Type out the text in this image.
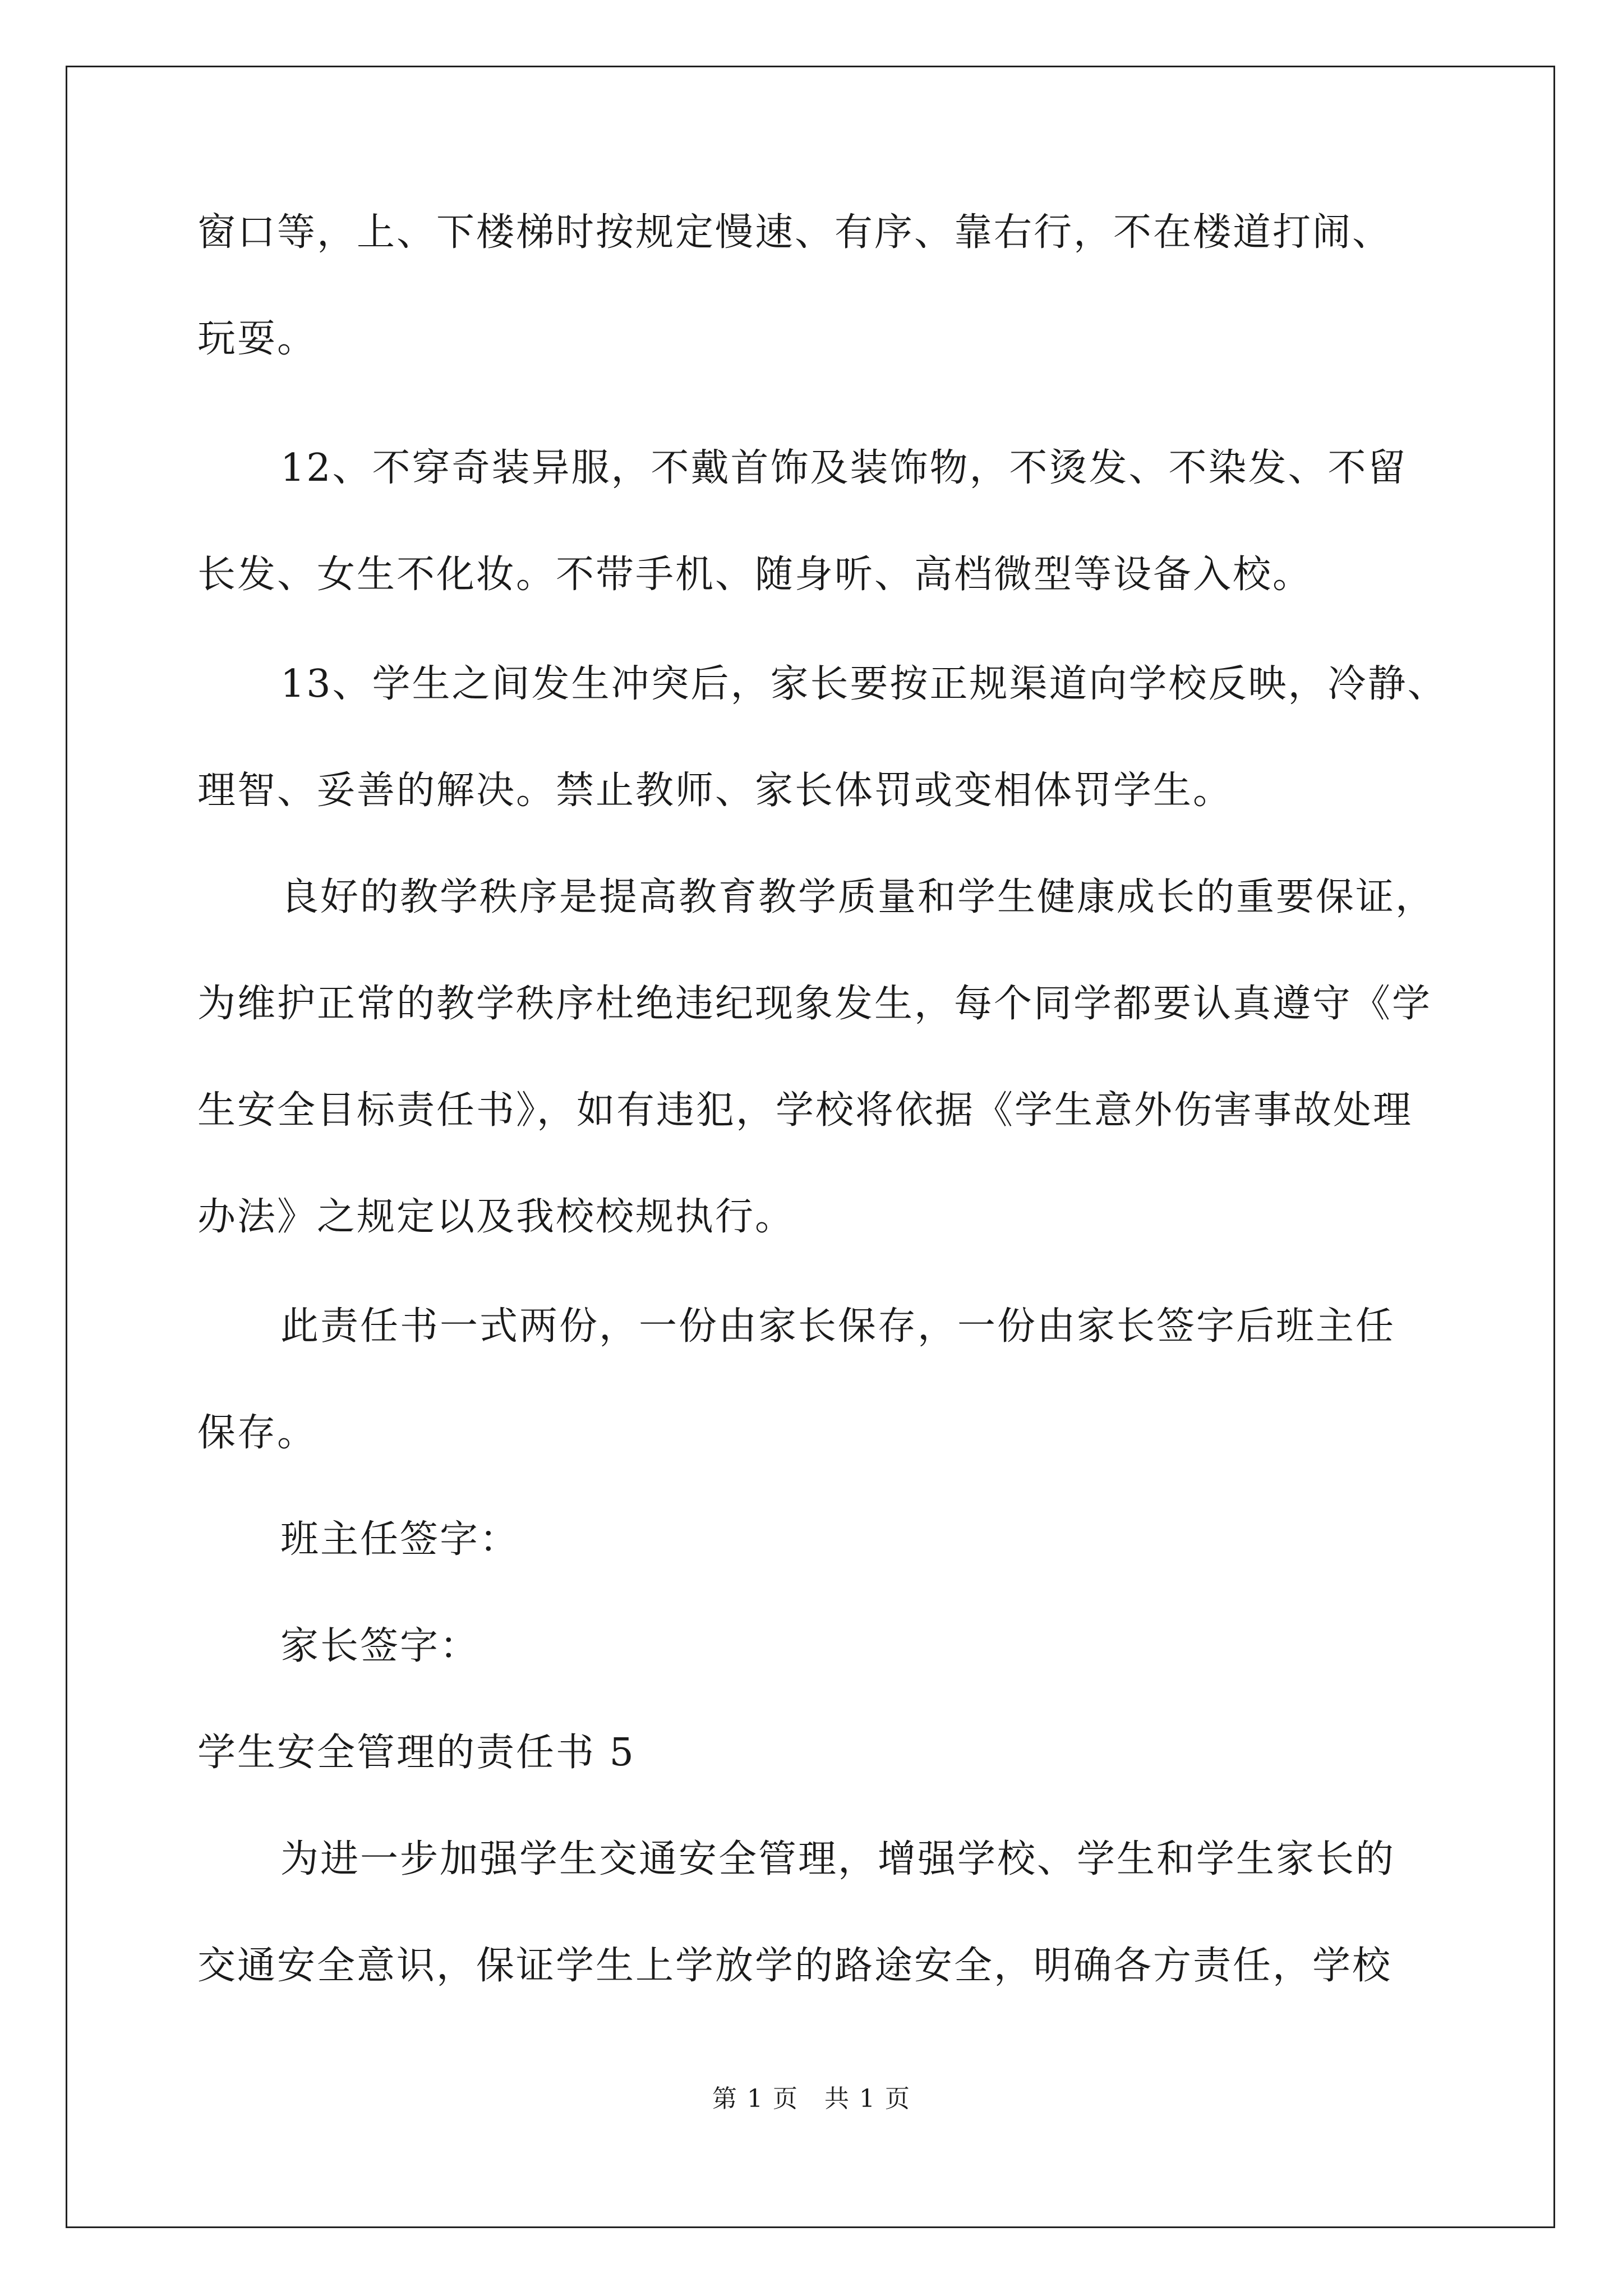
窗口等，上、下楼梯时按规定慢速、有序、靠右行，不在楼道打闹、
玩耍。
12、不穿奇装异服，不戴首饰及装饰物，不烫发、不染发、不留
长发、女生不化妆。不带手机、随身听、高档微型等设备入校。
13、学生之间发生冲突后，家长要按正规渠道向学校反映，冷静、
理智、妥善的解决。禁止教师、家长体罚或变相体罚学生。
良好的教学秩序是提高教育教学质量和学生健康成长的重要保证，
为维护正常的教学秩序杜绝违纪现象发生，每个同学都要认真遵守《学
生安全目标责任书》，如有违犯，学校将依据《学生意外伤害事故处理
办法》之规定以及我校校规执行。
此责任书一式两份，一份由家长保存，一份由家长签字后班主任
保存。
班主任签字：
家长签字：
学生安全管理的责任书 5
为进一步加强学生交通安全管理，增强学校、学生和学生家长的
交通安全意识，保证学生上学放学的路途安全，明确各方责任，学校
第 1 页　共 1 页
